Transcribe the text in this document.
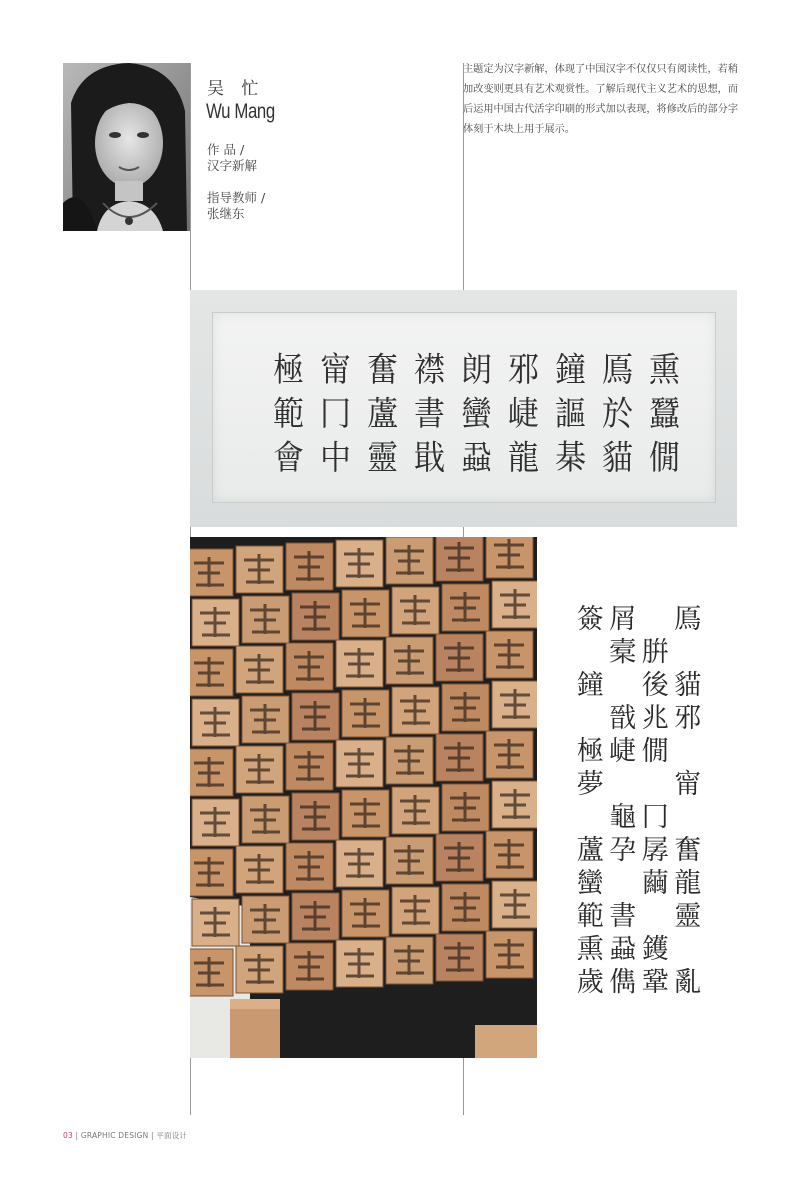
吴 忙
Wu Mang
作 品 /
汉字新解
指导教师 /
张继东
主题定为汉字新解，体现了中国汉字不仅仅只有阅读性，若稍加改变则更具有艺术观赏性。了解后现代主义艺术的思想，而后运用中国古代活字印刷的形式加以表现，将修改后的部分字体刻于木块上用于展示。
極 甯 奮 襟 朗 邪 鐘 鳫 熏
範 冂 蘆 書 蠻 崨 謳 於 蠶
會 中 靈 戢 蝨 龍 棊 貓 僩
簽 屑 鳫
槖 腁
鐘 後 貓
戩 兆 邪
極 崨 僩
夢	甯
龜 冂
蘆 孕 孱 奮
蠻 繭 龍
範 書 靈
熏 蝨 鑊
歲 儁 鞏 亂
03 | GRAPHIC DESIGN | 平面设计
